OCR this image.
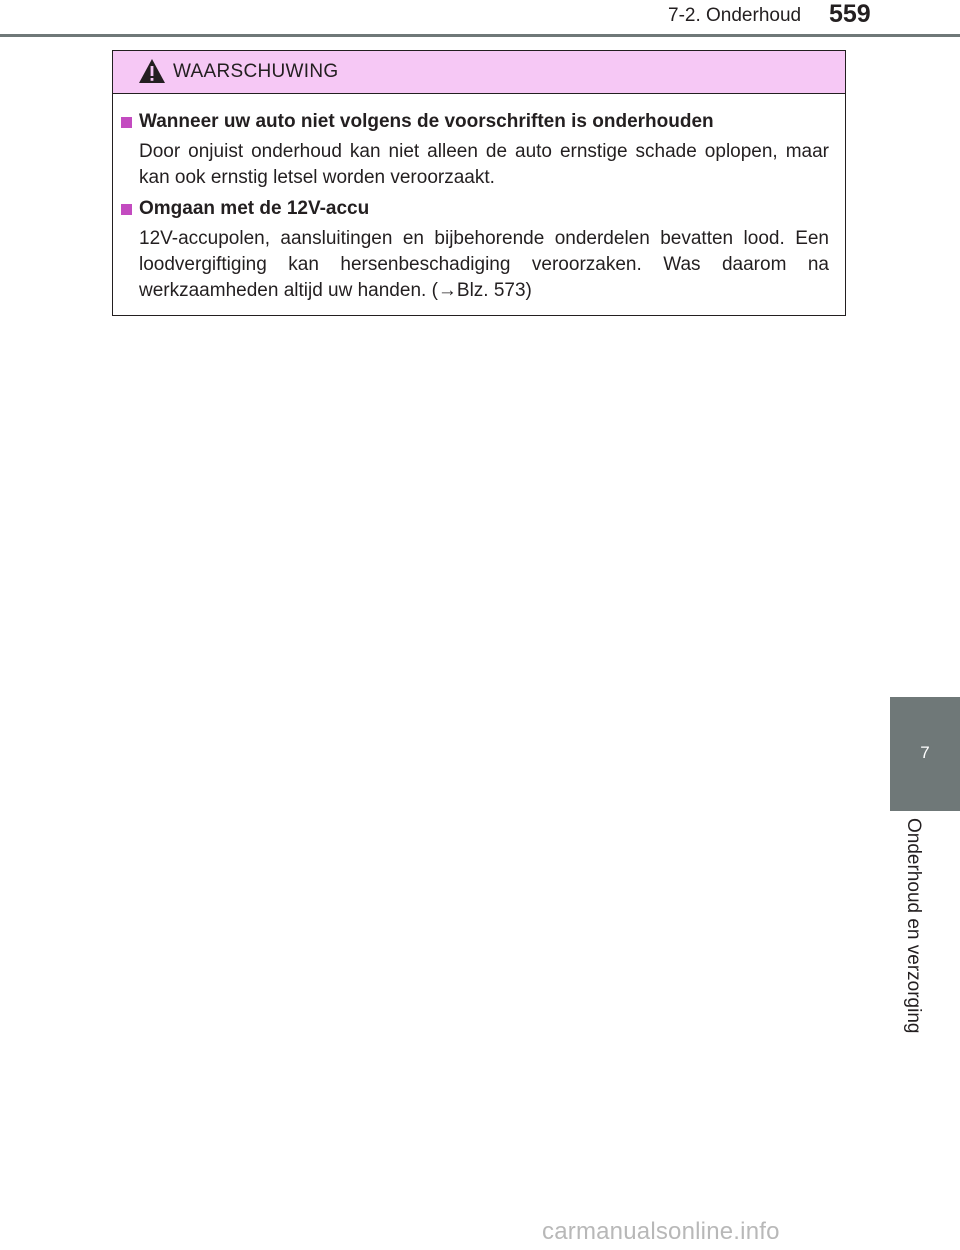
7-2. Onderhoud 559
WAARSCHUWING
Wanneer uw auto niet volgens de voorschriften is onderhouden
Door onjuist onderhoud kan niet alleen de auto ernstige schade oplopen, maar kan ook ernstig letsel worden veroorzaakt.
Omgaan met de 12V-accu
12V-accupolen, aansluitingen en bijbehorende onderdelen bevatten lood. Een loodvergiftiging kan hersenbeschadiging veroorzaken. Was daarom na werkzaamheden altijd uw handen. (→Blz. 573)
7
Onderhoud en verzorging
carmanualsonline.info
